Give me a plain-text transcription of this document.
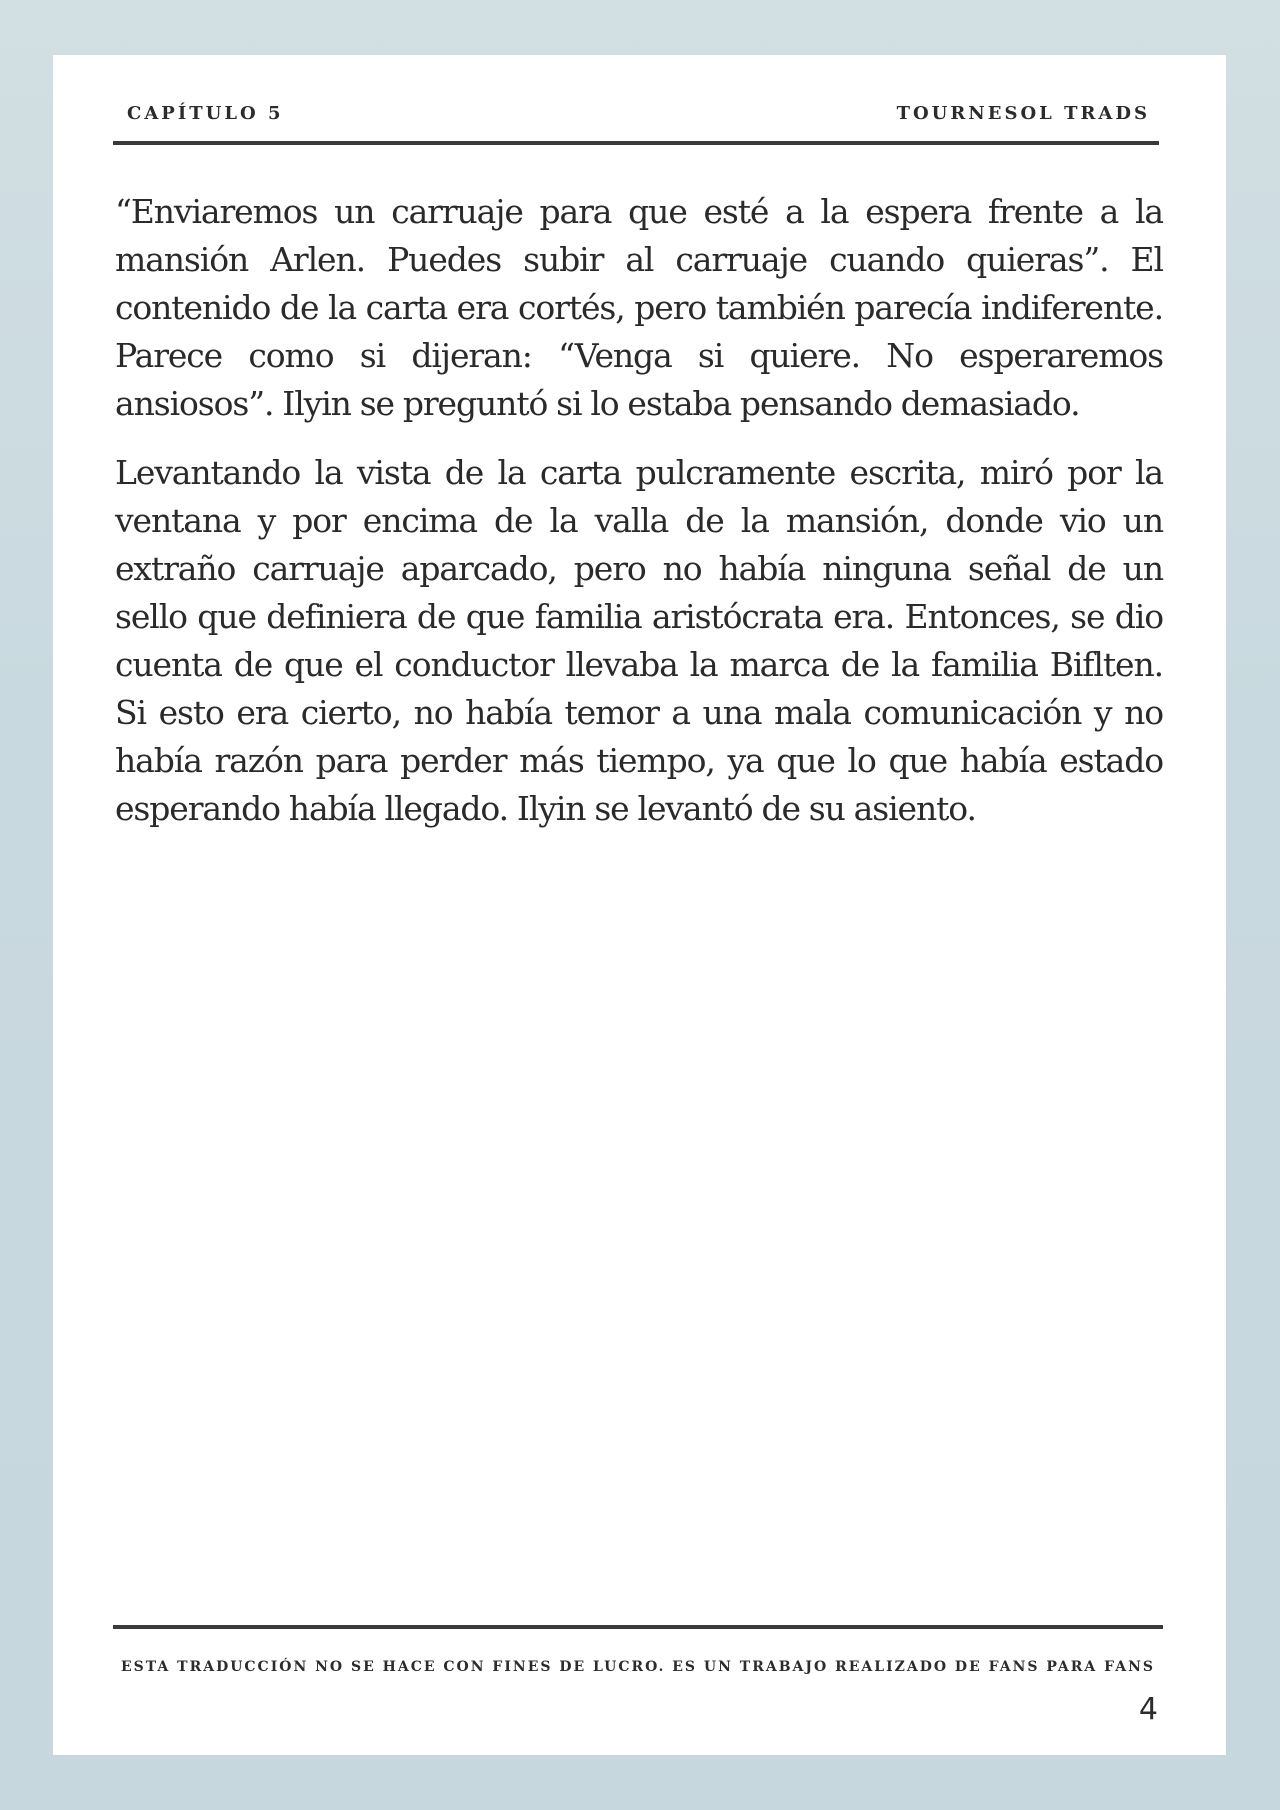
CAPÍTULO 5	TOURNESOL TRADS

“Enviaremos un carruaje para que esté a la espera frente a la mansión Arlen. Puedes subir al carruaje cuando quieras”. El contenido de la carta era cortés, pero también parecía indiferente. Parece como si dijeran: “Venga si quiere. No esperaremos ansiosos”. Ilyin se preguntó si lo estaba pensando demasiado.

Levantando la vista de la carta pulcramente escrita, miró por la ventana y por encima de la valla de la mansión, donde vio un extraño carruaje aparcado, pero no había ninguna señal de un sello que definiera de que familia aristócrata era. Entonces, se dio cuenta de que el conductor llevaba la marca de la familia Biflten. Si esto era cierto, no había temor a una mala comunicación y no había razón para perder más tiempo, ya que lo que había estado esperando había llegado. Ilyin se levantó de su asiento.

ESTA TRADUCCIÓN NO SE HACE CON FINES DE LUCRO. ES UN TRABAJO REALIZADO DE FANS PARA FANS
4
